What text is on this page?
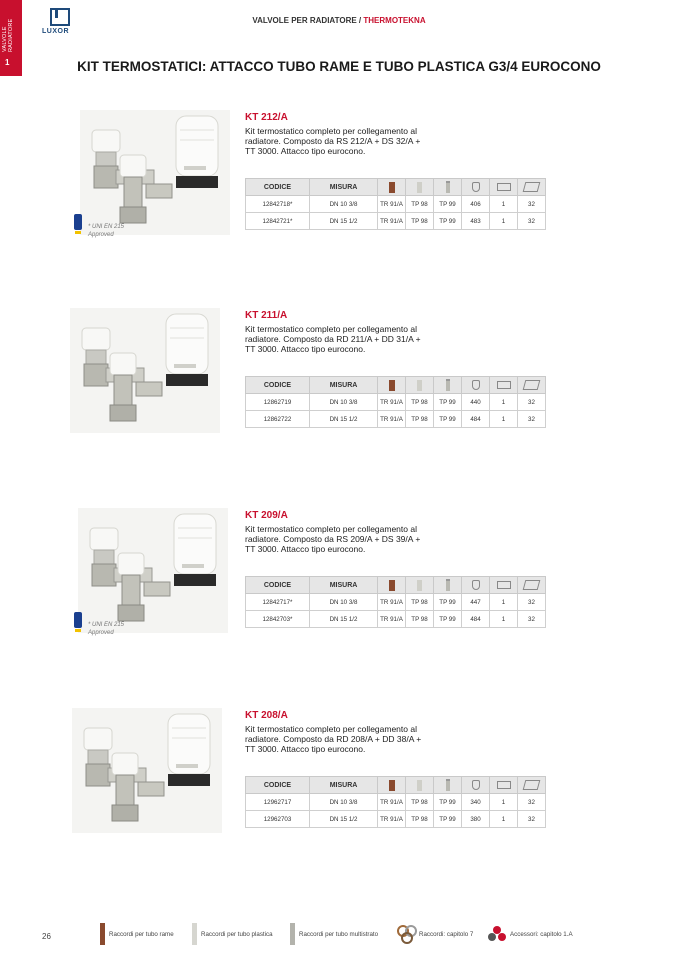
VALVOLE RADIATORE
1
LUXOR
VALVOLE PER RADIATORE / THERMOTEKNA
KIT TERMOSTATICI: ATTACCO TUBO RAME E TUBO PLASTICA G3/4 EUROCONO
* UNI EN 215
Approved
KT 212/A
Kit termostatico completo per collegamento al radiatore. Composto da RS 212/A + DS 32/A + TT 3000. Attacco tipo eurocono.
CODICE	MISURA						
12842718*	DN 10 3/8	TR 91/A	TP 98	TP 99	406	1	32
12842721*	DN 15 1/2	TR 91/A	TP 98	TP 99	483	1	32
KT 211/A
Kit termostatico completo per collegamento al radiatore. Composto da RD 211/A + DD 31/A + TT 3000. Attacco tipo eurocono.
CODICE	MISURA						
12862719	DN 10 3/8	TR 91/A	TP 98	TP 99	440	1	32
12862722	DN 15 1/2	TR 91/A	TP 98	TP 99	484	1	32
* UNI EN 215
Approved
KT 209/A
Kit termostatico completo per collegamento al radiatore. Composto da RS 209/A + DS 39/A + TT 3000. Attacco tipo eurocono.
CODICE	MISURA						
12842717*	DN 10 3/8	TR 91/A	TP 98	TP 99	447	1	32
12842703*	DN 15 1/2	TR 91/A	TP 98	TP 99	484	1	32
KT 208/A
Kit termostatico completo per collegamento al radiatore. Composto da RD 208/A + DD 38/A + TT 3000. Attacco tipo eurocono.
CODICE	MISURA						
12962717	DN 10 3/8	TR 91/A	TP 98	TP 99	340	1	32
12962703	DN 15 1/2	TR 91/A	TP 98	TP 99	380	1	32
26	Raccordi per tubo rame	Raccordi per tubo plastica	Raccordi per tubo multistrato	Raccordi: capitolo 7	Accessori: capitolo 1.A
